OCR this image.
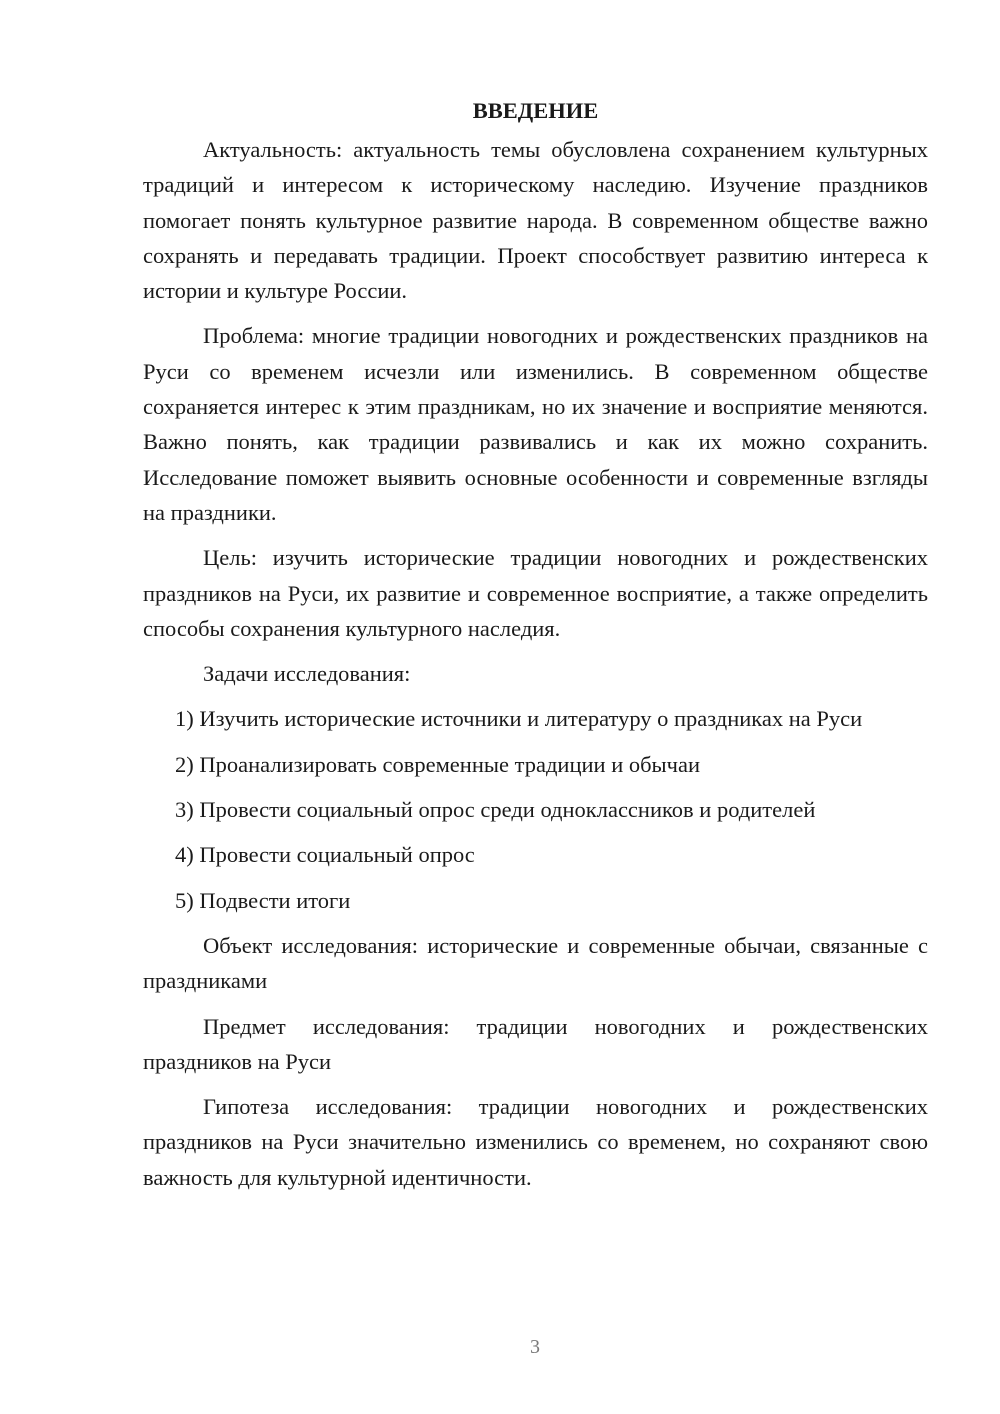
ВВЕДЕНИЕ

Актуальность: актуальность темы обусловлена сохранением культурных традиций и интересом к историческому наследию. Изучение праздников помогает понять культурное развитие народа. В современном обществе важно сохранять и передавать традиции. Проект способствует развитию интереса к истории и культуре России.

Проблема: многие традиции новогодних и рождественских праздников на Руси со временем исчезли или изменились. В современном обществе сохраняется интерес к этим праздникам, но их значение и восприятие меняются. Важно понять, как традиции развивались и как их можно сохранить. Исследование поможет выявить основные особенности и современные взгляды на праздники.

Цель: изучить исторические традиции новогодних и рождественских праздников на Руси, их развитие и современное восприятие, а также определить способы сохранения культурного наследия.

Задачи исследования:

1) Изучить исторические источники и литературу о праздниках на Руси

2) Проанализировать современные традиции и обычаи

3) Провести социальный опрос среди одноклассников и родителей

4) Провести социальный опрос

5) Подвести итоги

Объект исследования: исторические и современные обычаи, связанные с праздниками

Предмет исследования: традиции новогодних и рождественских праздников на Руси

Гипотеза исследования: традиции новогодних и рождественских праздников на Руси значительно изменились со временем, но сохраняют свою важность для культурной идентичности.

3
